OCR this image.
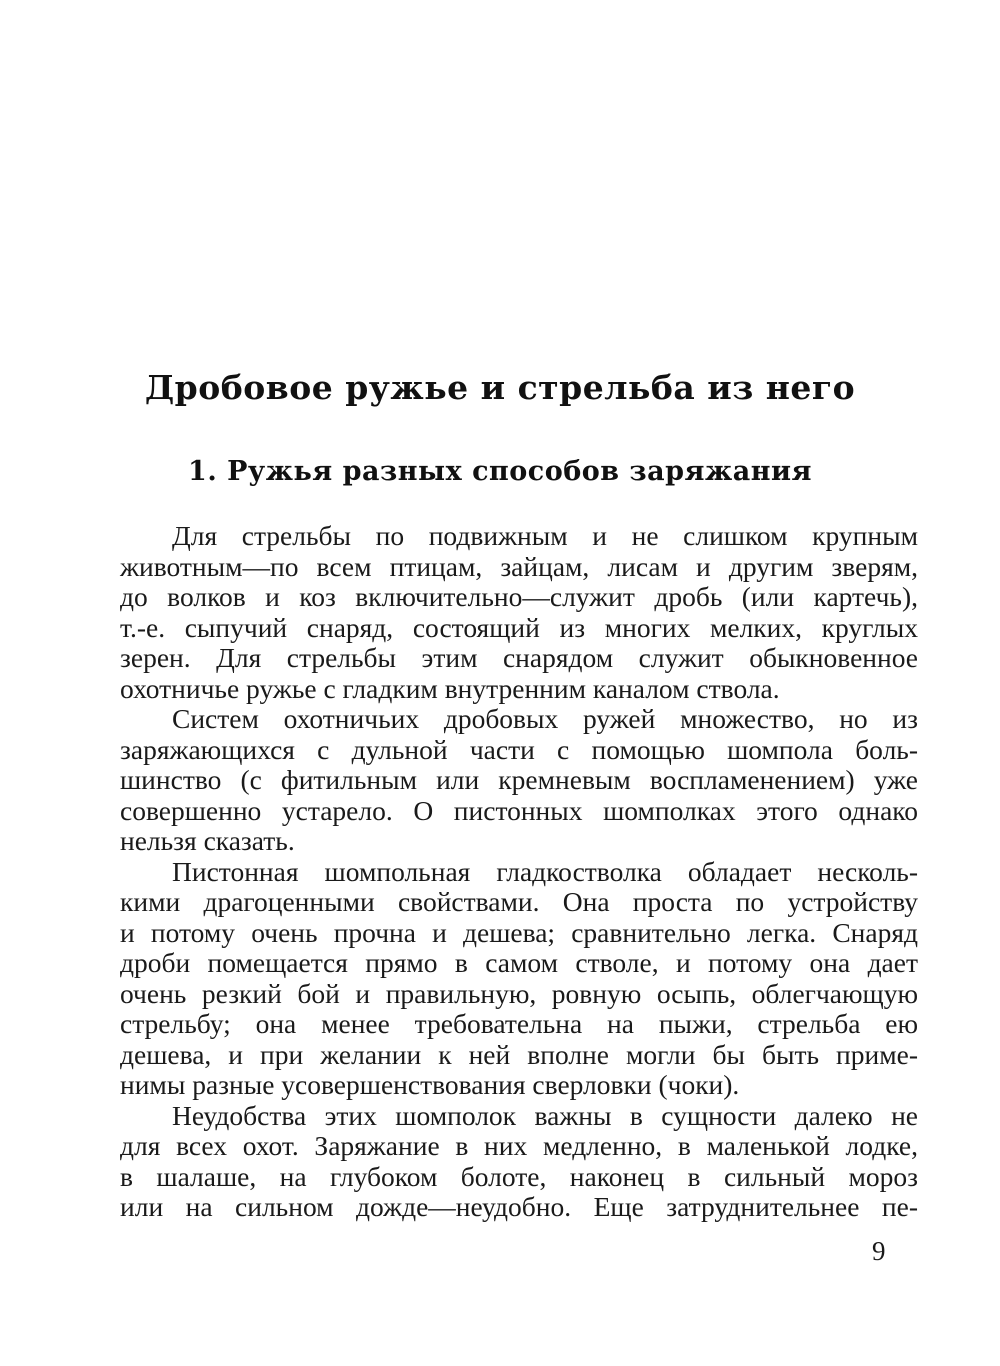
Дробовое ружье и стрельба из него
1. Ружья разных способов заряжания
Для стрельбы по подвижным и не слишком крупным
животным—по всем птицам, зайцам, лисам и другим зверям,
до волков и коз включительно—служит дробь (или картечь),
т.-е. сыпучий снаряд, состоящий из многих мелких, круглых
зерен. Для стрельбы этим снарядом служит обыкновенное
охотничье ружье с гладким внутренним каналом ствола.
Систем охотничьих дробовых ружей множество, но из
заряжающихся с дульной части с помощью шомпола боль-
шинство (с фитильным или кремневым воспламенением) уже
совершенно устарело. О пистонных шомполках этого однако
нельзя сказать.
Пистонная шомпольная гладкостволка обладает несколь-
кими драгоценными свойствами. Она проста по устройству
и потому очень прочна и дешева; сравнительно легка. Снаряд
дроби помещается прямо в самом стволе, и потому она дает
очень резкий бой и правильную, ровную осыпь, облегчающую
стрельбу; она менее требовательна на пыжи, стрельба ею
дешева, и при желании к ней вполне могли бы быть приме-
нимы разные усовершенствования сверловки (чоки).
Неудобства этих шомполок важны в сущности далеко не
для всех охот. Заряжание в них медленно, в маленькой лодке,
в шалаше, на глубоком болоте, наконец в сильный мороз
или на сильном дожде—неудобно. Еще затруднительнее пе-
9
